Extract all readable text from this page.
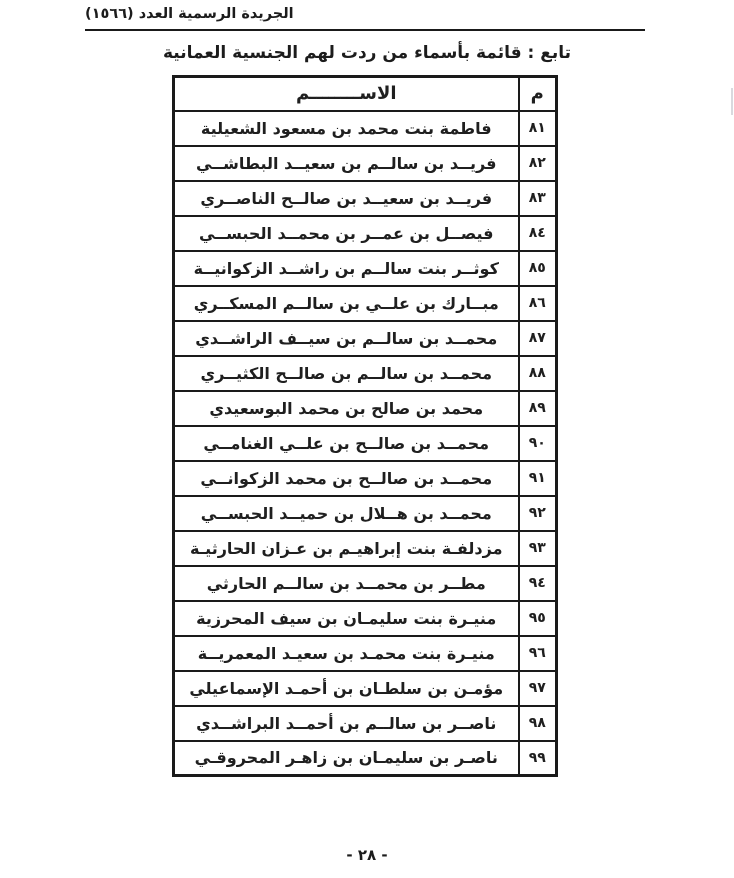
الجريدة الرسمية العدد (١٥٦٦)
تابع : قائمة بأسماء من ردت لهم الجنسية العمانية
م	الاســــــــم
٨١	فاطمة بنت محمد بن مسعود الشعيلية
٨٢	فريــد بن سالــم بن سعيــد البطاشــي
٨٣	فريــد بن سعيــد بن صالــح الناصــري
٨٤	فيصــل بن عمــر بن محمــد الحبســي
٨٥	كوثــر بنت سالــم بن راشــد الزكوانيــة
٨٦	مبــارك بن علــي بن سالــم المسكــري
٨٧	محمــد بن سالــم بن سيــف الراشــدي
٨٨	محمــد بن سالــم بن صالــح الكثيــري
٨٩	محمد بن صالح بن محمد البوسعيدي
٩٠	محمــد بن صالــح بن علــي الغنامــي
٩١	محمــد بن صالــح بن محمد الزكوانــي
٩٢	محمــد بن هــلال بن حميــد الحبســي
٩٣	مزدلفـة بنت إبراهيـم بن عـزان الحارثيـة
٩٤	مطــر بن محمــد بن سالــم الحارثي
٩٥	منيـرة بنت سليمـان بن سيف المحرزية
٩٦	منيـرة بنت محمـد بن سعيـد المعمريــة
٩٧	مؤمـن بن سلطـان بن أحمـد الإسماعيلي
٩٨	ناصــر بن سالــم بن أحمــد البراشــدي
٩٩	ناصـر بن سليمـان بن زاهـر المحروقـي
- ٢٨ -
